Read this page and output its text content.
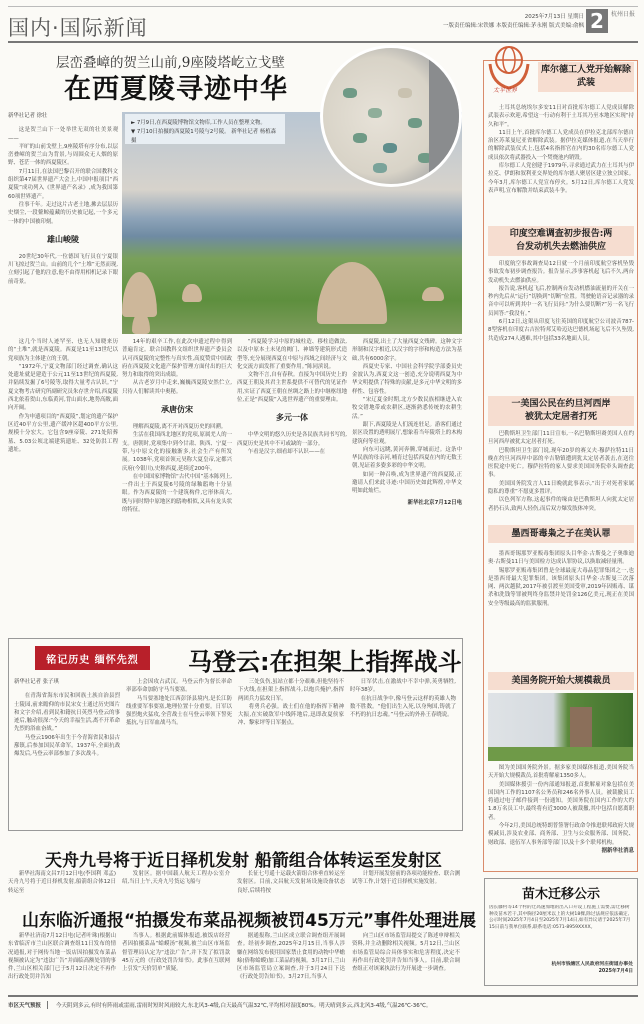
国内·国际新闻	2025年7月13日 星期日
一版责任编辑:宋铁娜 本版责任编辑:茅永刚 版式美编:俞枫 2	杭州日报
► 7月9日,在西夏陵博物馆文物库,工作人员在整理文物。
▼ 7月10日拍摄的西夏陵1号陵与2号陵。 新华社记者 杨植森 摄
层峦叠嶂的贺兰山前,9座陵塔屹立戈壁
在西夏陵寻迹中华
新华社记者 徐壮

这是贺兰山下一处举世无双的壮美景观——

平旷的山前戈壁上,9座陵塔有序分布,以层峦叠嶂的贺兰山为背景,与周围众无人烟的原野、苍茫一体的西夏陵区。

7月11日,在法国巴黎召开的联合国教科文组织第47届世界遗产大会上,中国申报项目“西夏陵”成功列入《世界遗产名录》,成为我国第60项世界遗产。

往事千年。走过这片古老土地,拂去层层历史烟尘,一段鳌鲸蕴藏的历史被记起,一个多元一体的中国被印刻。

雄山峻陵

20世纪30年代,一位德国飞行员在宁夏银川飞掠过贺兰山。山前的几个“土堆”无然而现,立刻引起了他的注意,他不由得用相机记录下眼前奇景。

这几个当时人迹罕至、也无人知晓来历的“土堆”,就是西夏陵。西夏是11至13世纪以党项族为主体建立的王朝。

“1972年,宁夏文物部门经过调查,确认这处遗址就是建造于公元11至13世纪的西夏陵,并陆续发掘了6号陵等,取得大量考古认识。”宁夏文物考古研究所副研究员朱存世介绍,西夏陵西北依着贺山,东临黄河,背山面水,地势高敞,面向开阔。

作为申遗项目的“西夏陵”,划定的遗产保护区近40平方公里,遗产缓冲区超400平方公里,规模十分宏大。它包含9座帝陵、271处陪葬墓、5.03公顷北端建筑遗址、32处防洪工程遗址。

14年的艰辛工作,在此次申遗过程中得到普遍肯定。联合国教科文组织世界遗产委员会认可西夏陵的完整性与真实性,高度赞赏中国政府在西夏陵文化遗产保护管理方面付出的巨大努力和取得的突出成绩。

从古老岁月中走来,巍巍西夏陵安然伫立,只待人们解读其中奥秘。

承唐仿宋

理解西夏陵,离不开对西夏历史的回溯。

生活在我国西北地区的党项,原属羌人的一支。唐朝时,党项集中到今甘肃、陕西、宁夏一带,与中原文化的接触渐多,社会生产有所发展。1038年,党项首领元昊称大夏皇帝,定都兴庆府(今银川),史称西夏,延续近200年。

在中国国家博物馆“古代中国”基本陈列上,一件出土于西夏陵6号陵的绿釉鸱吻十分显眼。作为西夏陵的一个建筑构件,它形体高大,既与同时期中原地区的鸱吻相似,又具有龙头状的特征。

“西夏陵学习中原的城柱造、移柱造做法,以及中原本土未见的阙门、神墙等建筑形式造型等,充分展现西夏在中原与西域之间经济与文化交流方面发挥了重要作用。”陈同滨说。

文物不言,自有春秋。直接为中国历史上的西夏王朝及其君主世系提供不可替代的见证作用,实证了西夏王朝在丝绸之路上的中继枢纽地位,正是“西夏陵”入选世界遗产的重要理由。

多元一体

中华文明的悠久历史是各民族共同书写的,西夏历史是其中不可或缺的一部分。

乍看是汉字,细看却不认识——在

西夏陵,出土了大量西夏文残碑。这种文字形制和汉字相近,以汉字的字形和构造方法为基础,共有6000余字。

西夏史专家、中国社会科学院学部委员史金波认为,西夏文这一创造,充分说明西夏为中华文明提供了特殊的贡献,是多元中华文明的多样性、包容性。

“宋辽夏金时期,北方少数民族相继进入农牧交错地带或农耕区,逐渐熟悉传统的农耕生活。”

跟下,西夏陵是人们流连驻足。游客们通过景区设置的透明展厅,想象着当年陵塔上的木构建筑何等壮观。

向东可远眺,黄河奔腾,穿城而过。这条中华民族的母亲河,哺育过包括西夏在内的无数王朝,见证着多姿多彩的中华文明。

如同一种召唤,成为世界遗产的西夏陵,正邀请人们来此寻迹:中国历史如此辉煌,中华文明如此灿烂。

新华社北京7月12日电
铭记历史 缅怀先烈	马登云:在担架上指挥战斗
新华社记者 张子琪

在青海省海东市民和回族土族自治县烈士陵园,前来瞻仰的市民宋女士通过历史图片和文字介绍,看到民和籍抗日英烈马登云的事迹后,触动很深:“今天的幸福生活,离不开革命先烈的浴血奋战。”

马登云1906年出生于今青海省民和县古鄯镇,后参加国民革命军。1937年,全面抗战爆发后,马登云率部参加了多次战斗。

上会因攻占武汉。马登云作为督长率命率部奉命加防守马当要塞。

马当要塞地处江西彭泽县境内,是长江防线重要军事要塞,地理位置十分重要。日军以强烈炮火猛攻,全营战士在马登云率领下誓死抵抗,与日军血战马当。

三处负伤,虽站立都十分艰难,但他坚持不下火线,在担架上指挥战斗,以炮兵掩护,指挥两团兵力猛攻日军。

将勇兵必强。战士们在他的指挥下精神大振,在实破敌军中线阵地后,迅即改夏侯家冲、黎家坪等日军据点。

日军伏击,在激战中不幸中弹,英勇牺牲,时年38岁。

在抗日战争中,像马登云这样的英雄人物数不胜数。“他们出生入死,以身殉国,铸就了不朽的抗日忠魂。”马登云的外孙王春晓说。

天舟九号将于近日择机发射 船箭组合体转运至发射区

新华社海南文昌7月12日电(李国利 邓孟)天舟九号将于近日择机发射,船箭组合体12日转运至

发射区。据中国载人航天工程办公室介绍,当日上午,天舟九号货运飞船与

长征七号遥十运载火箭组合体垂直转运至发射区。目前,文昌航天发射场设施设备状态良好,后续将按

计划开展发射前的各项功能检查、联合测试等工作,计划于近日择机实施发射。

山东临沂通报“拍摄发布菜品视频被罚45万元”事件处理进展

新华社济南7月12日电(记者叶珠)根据山东省临沂市兰山区联合调查组11日发布的情况通报,对于网传当地一饭店因拍摄发布菜品视频被认定为“违法广告”并面临高额处罚的事件,兰山区相关部门已于5月12日决定不再作出行政处罚并告知

当事人。根据此前媒体报道,被饭店经营者因拍摄菜品“蛤蟆汤”视频,被兰山区市场监督管理局认定为“违法广告”,并下发了拟罚款45万元的《行政处罚告知书》。此事在互联网上引发“天价罚单”质疑。

据通报称,兰山区成立联合调查组开展调查。经初步调查,2025年2月15日,当事人涉嫌在网络发布使用国家禁止食用的动物中华蟾蜍(俗称蛤蟆)加工菜品的视频。3月17日,兰山区市场监管局立案调查,并于3月24日下达《行政处罚告知书》。3月27日,当事人

向兰山区市场监管局提交了陈述申辩相关资料,并主动删除相关视频。5月12日,兰山区市场监管局综合具体事实和危害程度,决定不再作出行政处罚并告知当事人。目前,联合调查组正对该案执法行为开展进一步调查。

太平世界
库尔德工人党开始解除武装

土耳其总统埃尔多安11日对首批库尔德工人党成员解除武装表示欢迎,希望这一行动有利于土耳其乃至本地区实现“持久和平”。

11日上午,首批库尔德工人党成员在伊拉克北部库尔德自治区苏莱曼尼亚省解除武装。据伊拉克媒体报道,在当天举行的解除武装仪式上,包括4名指挥官在内的30名库尔德工人党成员依次将武器投入一个焚烧池内销毁。

库尔德工人党创建于1979年,寻求通过武力在土耳其与伊拉克、伊朗和叙利亚交界处的库尔德人聚居区建立独立国家。今年3月,库尔德工人党宣布停火。5月12日,库尔德工人党发表声明,宣布解散并结束武装斗争。

印度空难调查初步报告:两台发动机失去燃油供应

印度航空事故调查局12日就一个月前印度航空客机坠毁事故发布初步调查报告。报告显示,涉事客机起飞后不久,两台发动机失去燃油供应。

报告说,客机起飞后,控制两台发动机燃油流量的开关在一秒内先后从“运行”切换到“切断”位置。驾驶舱语音记录器的录音中可以听到其中一名飞行员问:“为什么要切断?”另一名飞行员回答:“我没有。”

6月12日,这架从印度飞往英国的印度航空公司波音787-8型客机在印度古吉拉特邦艾哈迈达巴德机场起飞后不久坠毁,共造成274人遇难,其中包括33名地面人员。

一美国公民在约旦河西岸被犹太定居者打死

巴勒斯坦卫生部门11日宣布,一名巴勒斯坦裔美国人在约旦河西岸被犹太定居者打死。

巴勒斯坦卫生部门说,现年20岁的赛义夫·穆萨拉特11日晚在约旦河西岸中部的辛吉勒镇遭到犹太定居者袭击,在送往医院途中死亡。穆萨拉特的家人要求美国国务院牵头调查此事。

美国国务院发言人11日晚就此事表示,“出于对死者家属隐私的尊重”不愿更多置评。

以色列军方称,这起事件的缘由是巴勒斯坦人向犹太定居者扔石头,致两人轻伤,而后双方爆发肢体冲突。

墨西哥毒枭之子在美认罪

墨西哥锡那罗亚贩毒集团原头目华金·古斯曼之子奥维迪奥·古斯曼11日与美国检方达成认罪协议,以换取减轻量刑。

锡那罗亚贩毒集团曾是全球最庞大毒品犯罪集团之一,也是墨西哥最大犯罪集团。该集团原头目华金·古斯曼三次落网、两次越狱,2017年被引渡至美国受审,2019年因贩毒、谋杀和洗钱等罪被判终身监禁并处罚金126亿美元,现正在美国安全等级最高的监狱服刑。

美国务院开始大规模裁员

图为美国国务院外景。据多家美国媒体报道,美国务院当天开始大规模裁员,首批将解雇1350多人。

美国媒体援引一份内部通知报道,首批解雇对象包括在美国国内工作的1107名公务员和246名外事人员。被裁撤员工将通过电子邮件接到一份通知。美国务院在国内工作的大约1.8万名员工中,最终将有近3000人被裁撤,其中包括自愿离职者。

今年2月,美国总统特朗普签署行政命令推进联邦政府大规模减员,涉及农业部、商务部、卫生与公众服务部、国务院、财政部、退伍军人事务部等部门以及十多个联邦机构。

据新华社消息
苗木迁移公示
因长藤村等14个村的迁高速加地的出入口开设工程施工需要,需迁移树种及苗木若干,其中胸径20厘米以上的大树18棵,除过法规应依法确定,公示时间2025年7月4日至2025年7月14日,如有异议请于2025年7月15日前与我单位联系,联系电话:0571-8959XXXX。
杭州市钱塘区人民政府河庄街道办事处
2025年7月4日
市区天气预报	今天阴到多云,有时有阵雨或雷雨,雷雨时短时风雨较大,东北风3-4级,白天最高气温32℃,平均相对湿度80%。明天晴到多云,西北风3-4级,气温26℃-36℃。
